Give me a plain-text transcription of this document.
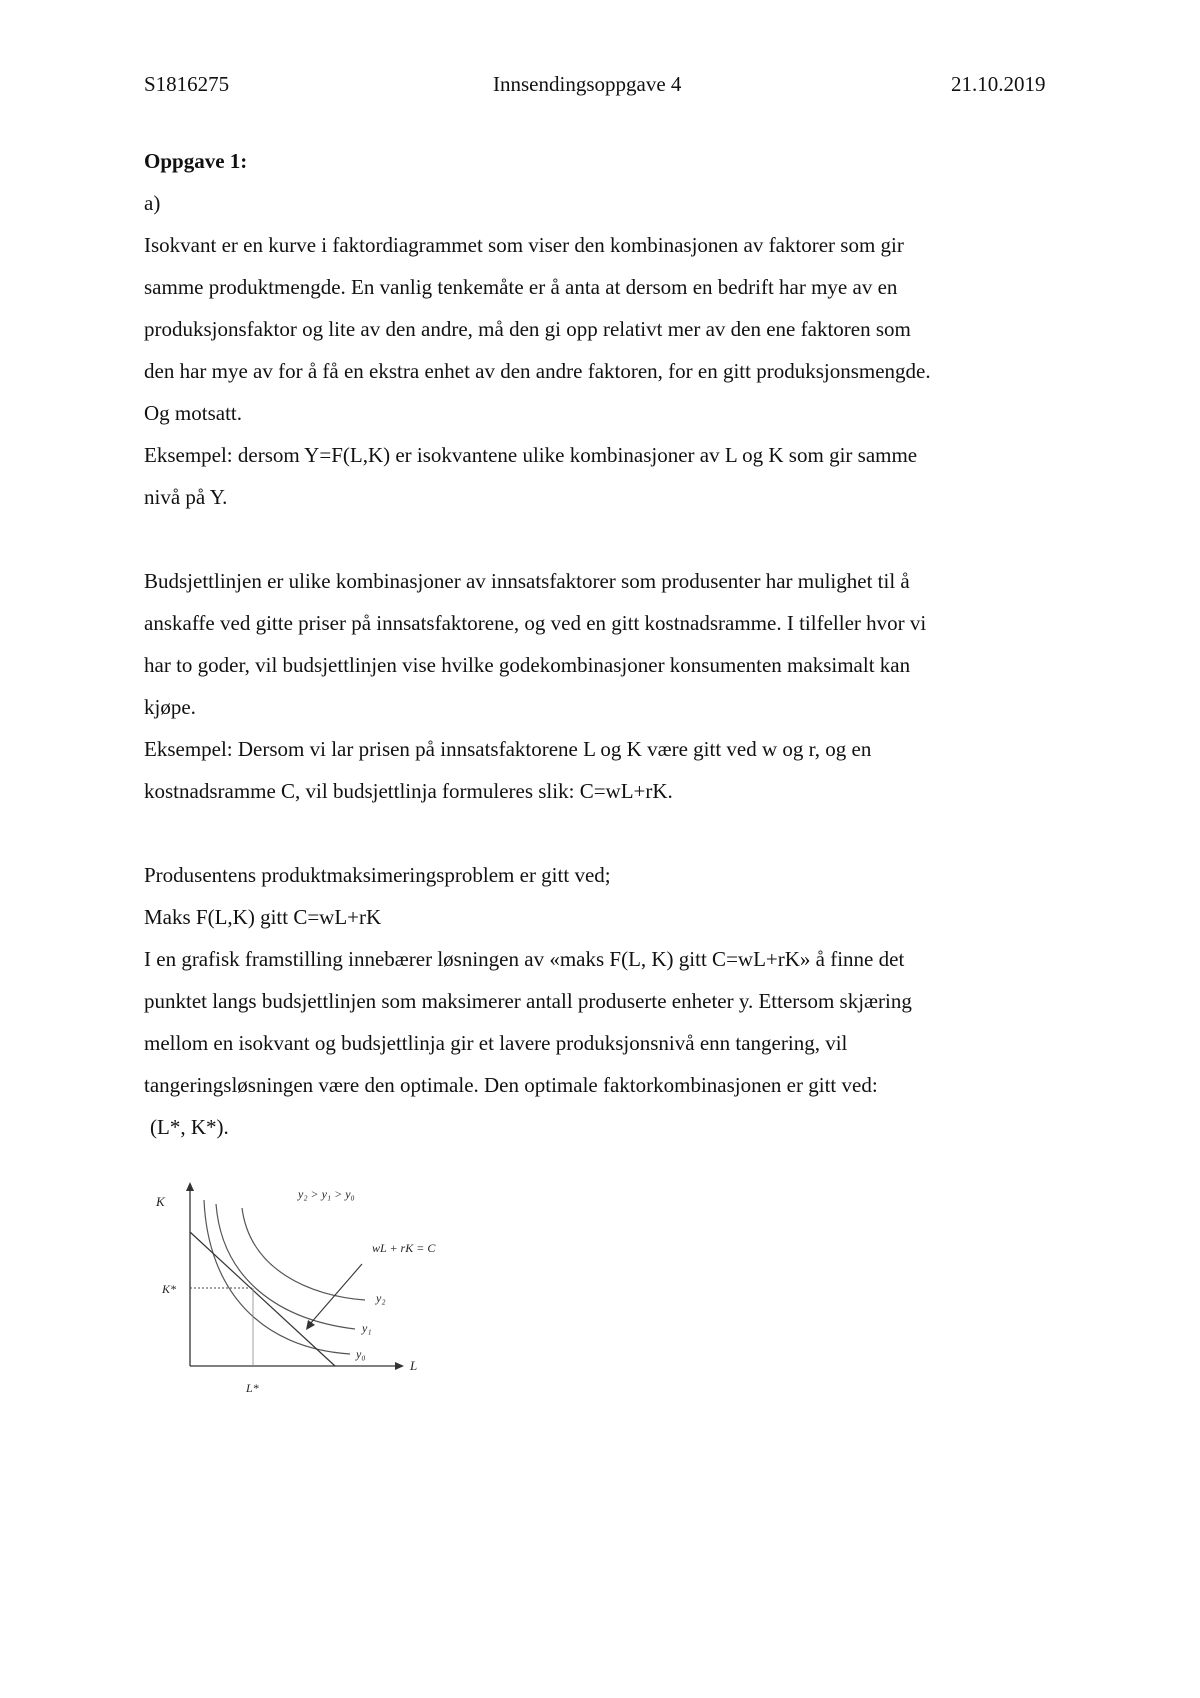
S1816275	Innsendingsoppgave 4	21.10.2019
Oppgave 1:
a)
Isokvant er en kurve i faktordiagrammet som viser den kombinasjonen av faktorer som gir
samme produktmengde. En vanlig tenkemåte er å anta at dersom en bedrift har mye av en
produksjonsfaktor og lite av den andre, må den gi opp relativt mer av den ene faktoren som
den har mye av for å få en ekstra enhet av den andre faktoren, for en gitt produksjonsmengde.
Og motsatt.
Eksempel: dersom Y=F(L,K) er isokvantene ulike kombinasjoner av L og K som gir samme
nivå på Y.
Budsjettlinjen er ulike kombinasjoner av innsatsfaktorer som produsenter har mulighet til å
anskaffe ved gitte priser på innsatsfaktorene, og ved en gitt kostnadsramme. I tilfeller hvor vi
har to goder, vil budsjettlinjen vise hvilke godekombinasjoner konsumenten maksimalt kan
kjøpe.
Eksempel: Dersom vi lar prisen på innsatsfaktorene L og K være gitt ved w og r, og en
kostnadsramme C, vil budsjettlinja formuleres slik: C=wL+rK.
Produsentens produktmaksimeringsproblem er gitt ved;
Maks F(L,K) gitt C=wL+rK
I en grafisk framstilling innebærer løsningen av «maks F(L, K) gitt C=wL+rK» å finne det
punktet langs budsjettlinjen som maksimerer antall produserte enheter y. Ettersom skjæring
mellom en isokvant og budsjettlinja gir et lavere produksjonsnivå enn tangering, vil
tangeringsløsningen være den optimale. Den optimale faktorkombinasjonen er gitt ved:
(L*, K*).
K
L
K*
L*
y₂ > y₁ > y₀
wL + rK = C
y₂
y₁
y₀
